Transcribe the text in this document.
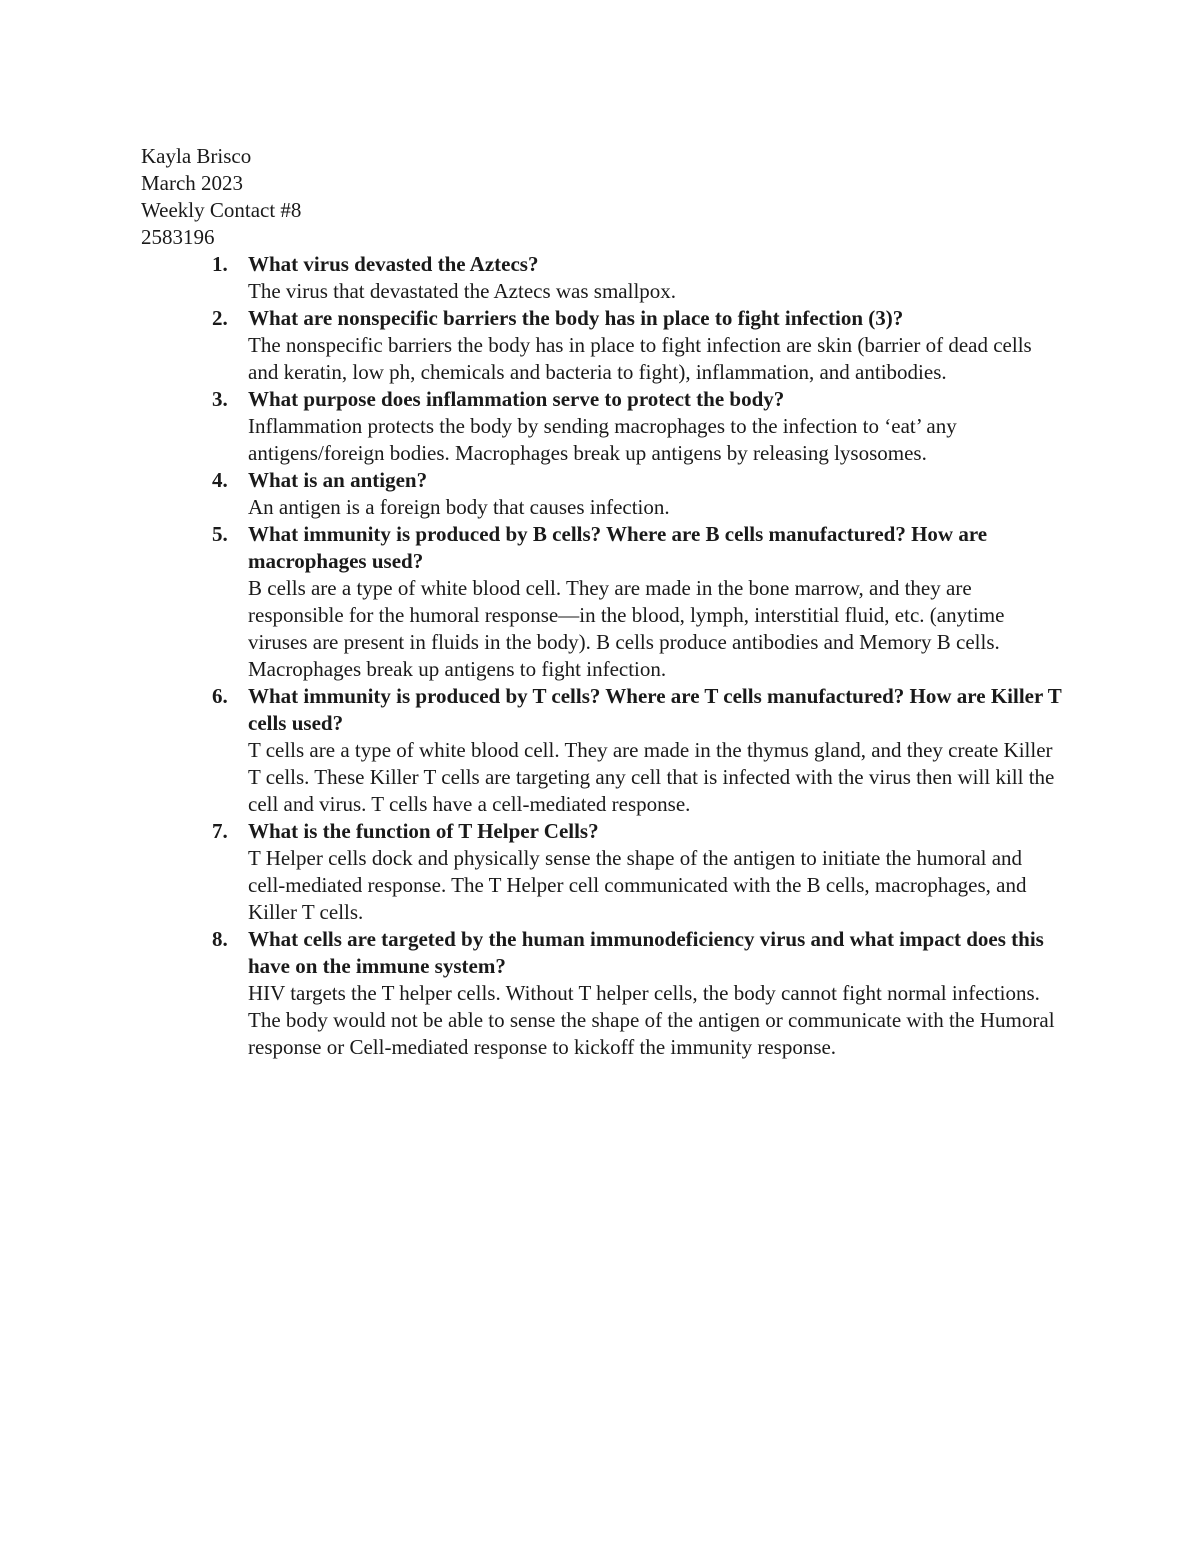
Kayla Brisco
March 2023
Weekly Contact #8
2583196
1. What virus devasted the Aztecs?
The virus that devastated the Aztecs was smallpox.
2. What are nonspecific barriers the body has in place to fight infection (3)?
The nonspecific barriers the body has in place to fight infection are skin (barrier of dead cells and keratin, low ph, chemicals and bacteria to fight), inflammation, and antibodies.
3. What purpose does inflammation serve to protect the body?
Inflammation protects the body by sending macrophages to the infection to ‘eat’ any antigens/foreign bodies. Macrophages break up antigens by releasing lysosomes.
4. What is an antigen?
An antigen is a foreign body that causes infection.
5. What immunity is produced by B cells? Where are B cells manufactured? How are macrophages used?
B cells are a type of white blood cell. They are made in the bone marrow, and they are responsible for the humoral response—in the blood, lymph, interstitial fluid, etc. (anytime viruses are present in fluids in the body). B cells produce antibodies and Memory B cells. Macrophages break up antigens to fight infection.
6. What immunity is produced by T cells? Where are T cells manufactured? How are Killer T cells used?
T cells are a type of white blood cell. They are made in the thymus gland, and they create Killer T cells. These Killer T cells are targeting any cell that is infected with the virus then will kill the cell and virus. T cells have a cell-mediated response.
7. What is the function of T Helper Cells?
T Helper cells dock and physically sense the shape of the antigen to initiate the humoral and cell-mediated response. The T Helper cell communicated with the B cells, macrophages, and Killer T cells.
8. What cells are targeted by the human immunodeficiency virus and what impact does this have on the immune system?
HIV targets the T helper cells. Without T helper cells, the body cannot fight normal infections. The body would not be able to sense the shape of the antigen or communicate with the Humoral response or Cell-mediated response to kickoff the immunity response.
